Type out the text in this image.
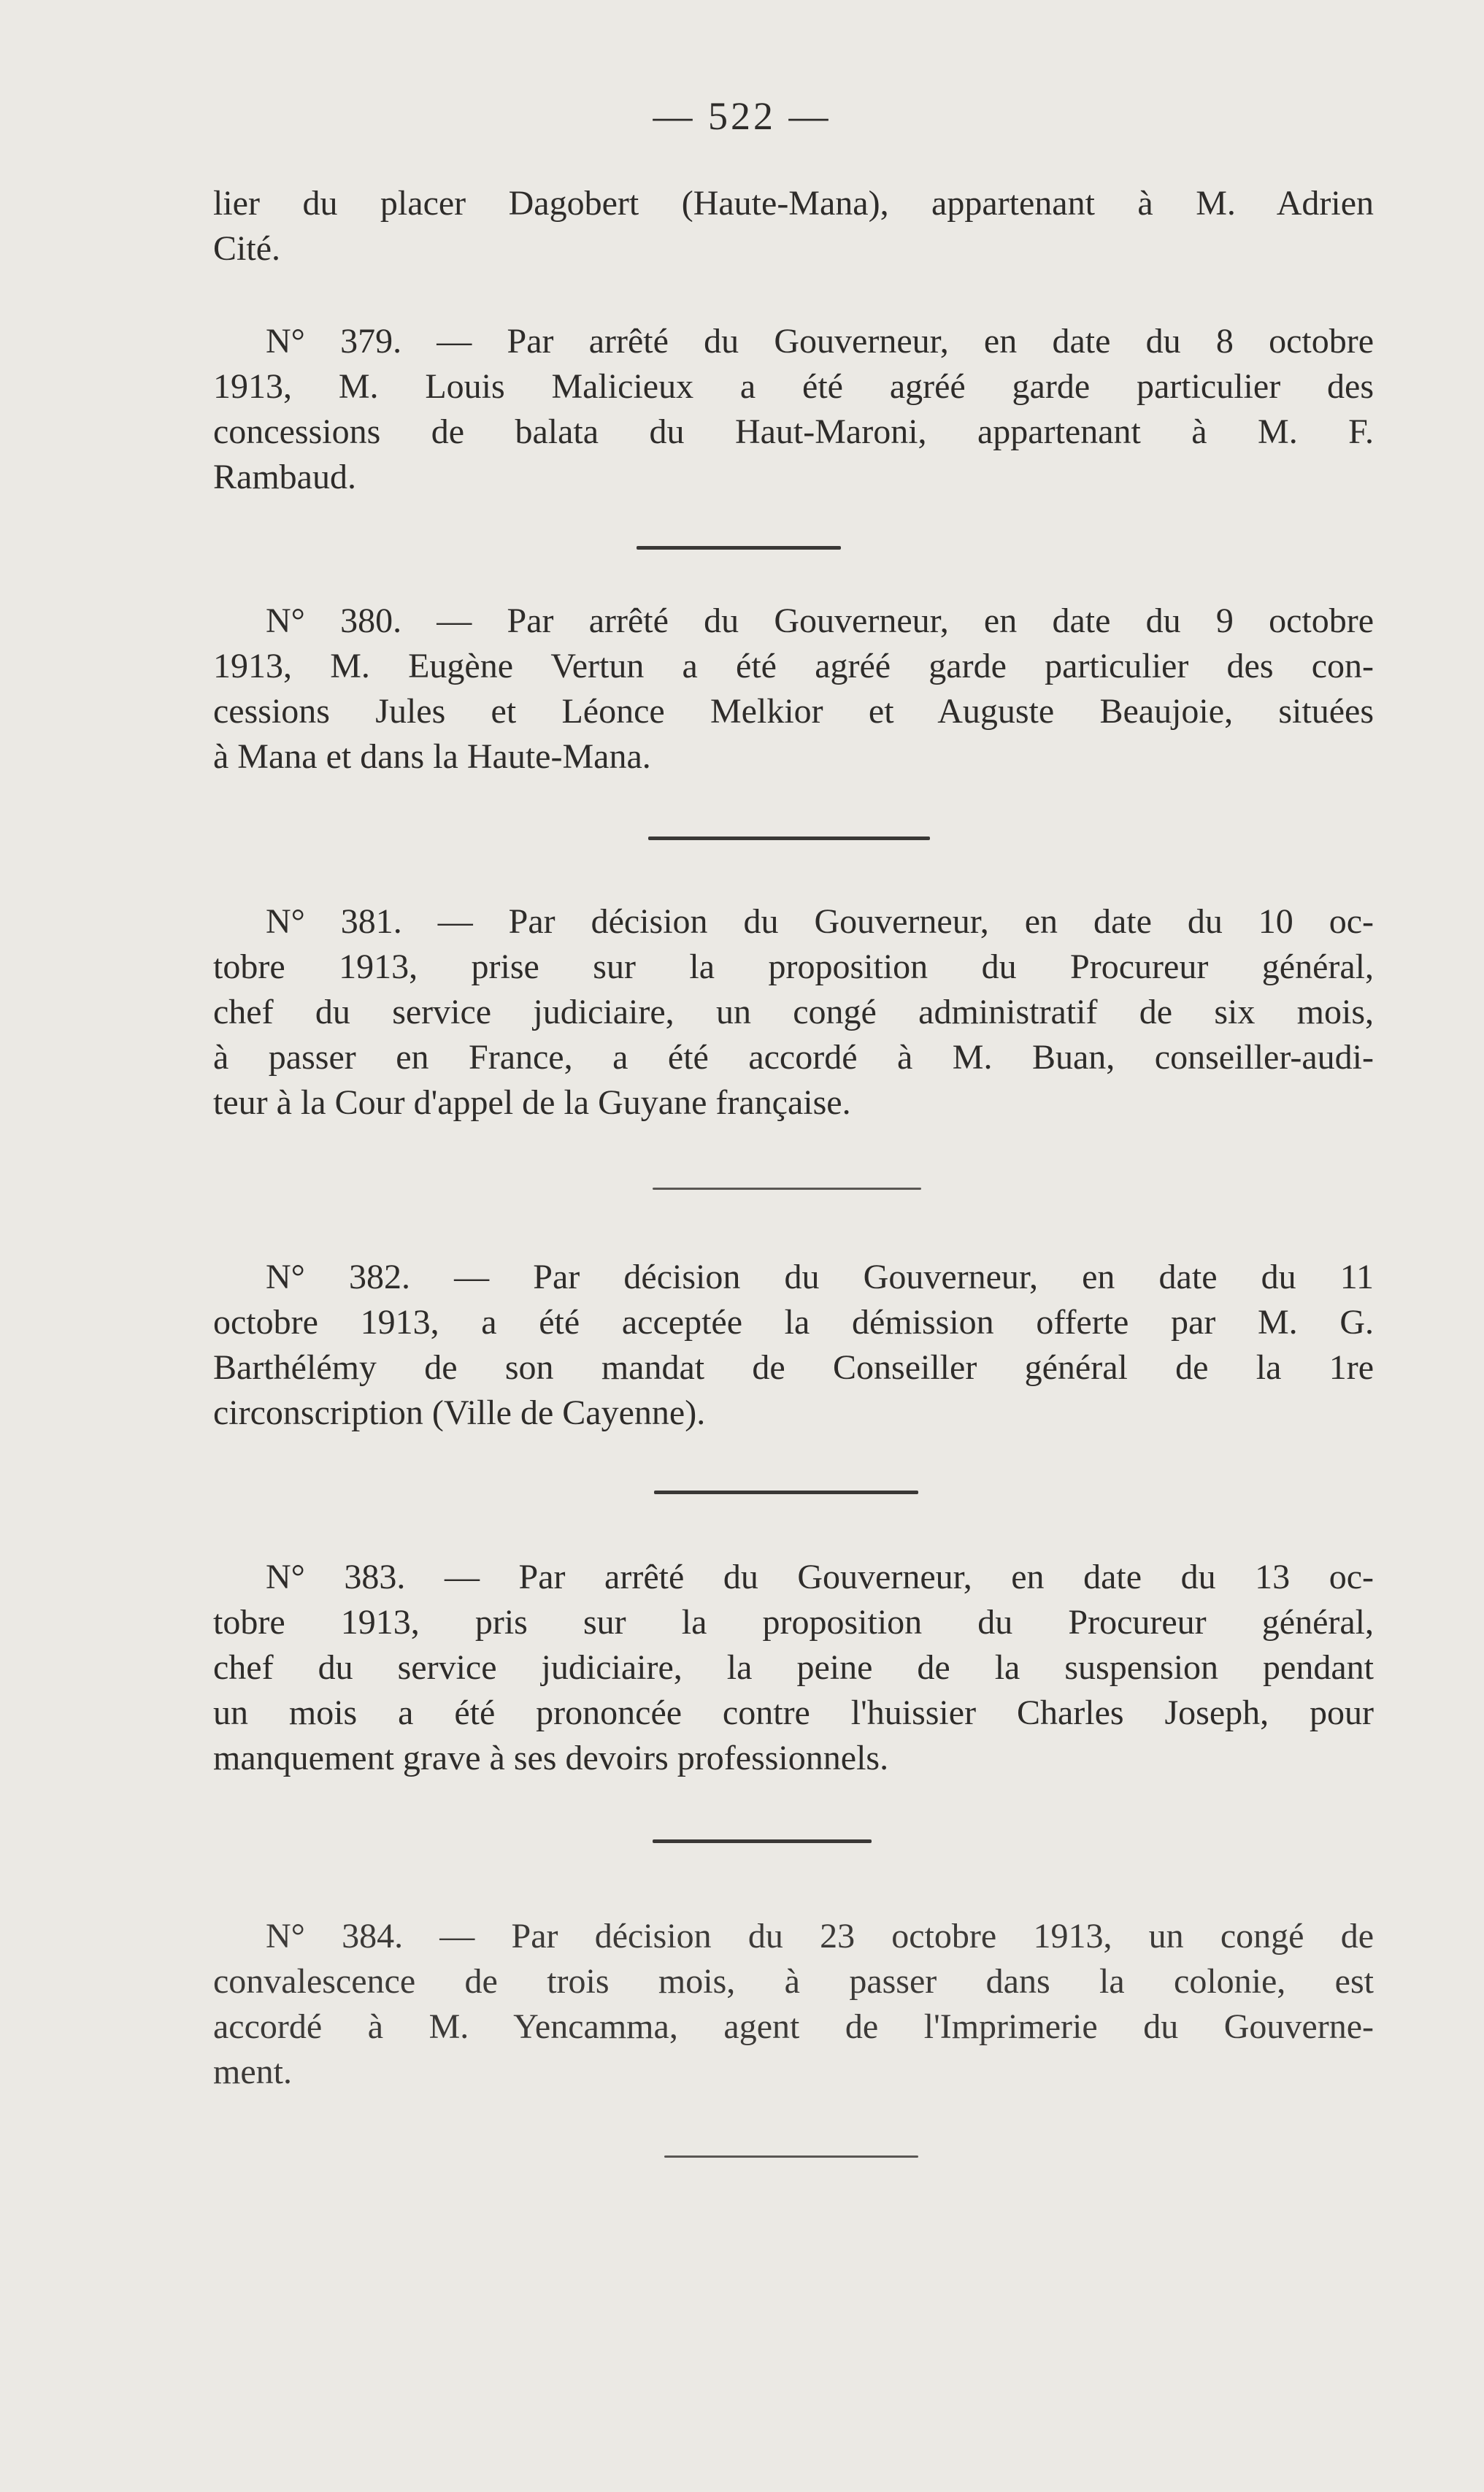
— 522 —
lier du placer Dagobert (Haute-Mana), appartenant à M. Adrien
Cité.
N° 379. — Par arrêté du Gouverneur, en date du 8 octobre
1913, M. Louis Malicieux a été agréé garde particulier des
concessions de balata du Haut-Maroni, appartenant à M. F.
Rambaud.
N° 380. — Par arrêté du Gouverneur, en date du 9 octobre
1913, M. Eugène Vertun a été agréé garde particulier des con-
cessions Jules et Léonce Melkior et Auguste Beaujoie, situées
à Mana et dans la Haute-Mana.
N° 381. — Par décision du Gouverneur, en date du 10 oc-
tobre 1913, prise sur la proposition du Procureur général,
chef du service judiciaire, un congé administratif de six mois,
à passer en France, a été accordé à M. Buan, conseiller-audi-
teur à la Cour d'appel de la Guyane française.
N° 382. — Par décision du Gouverneur, en date du 11
octobre 1913, a été acceptée la démission offerte par M. G.
Barthélémy de son mandat de Conseiller général de la 1re
circonscription (Ville de Cayenne).
N° 383. — Par arrêté du Gouverneur, en date du 13 oc-
tobre 1913, pris sur la proposition du Procureur général,
chef du service judiciaire, la peine de la suspension pendant
un mois a été prononcée contre l'huissier Charles Joseph, pour
manquement grave à ses devoirs professionnels.
N° 384. — Par décision du 23 octobre 1913, un congé de
convalescence de trois mois, à passer dans la colonie, est
accordé à M. Yencamma, agent de l'Imprimerie du Gouverne-
ment.
